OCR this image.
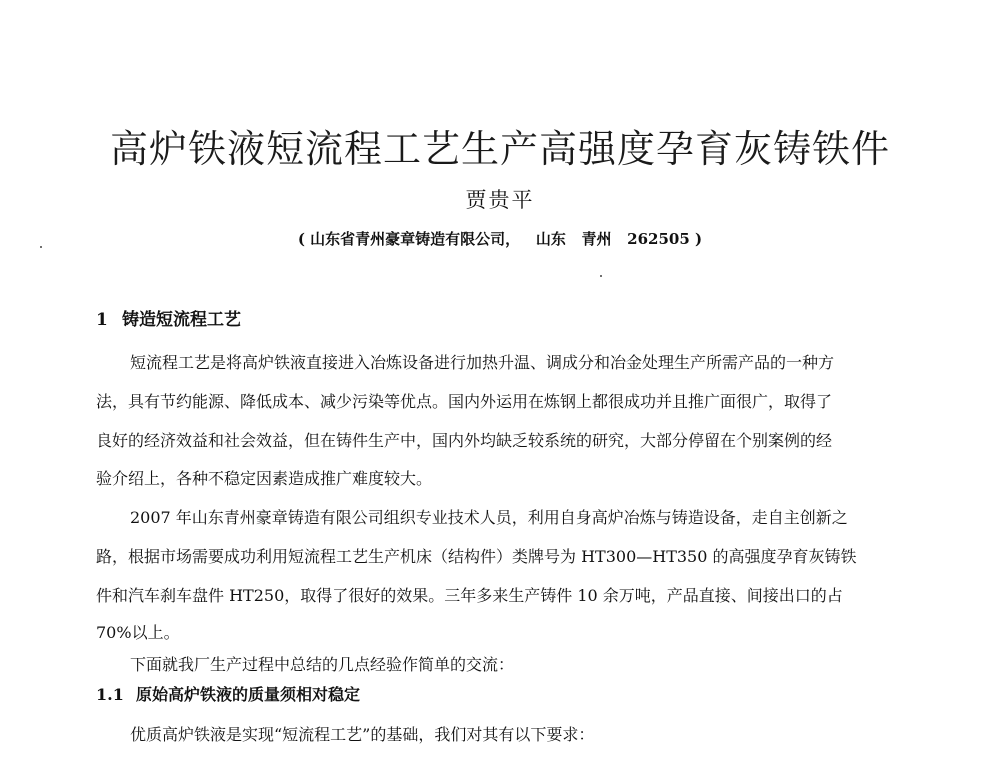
高炉铁液短流程工艺生产高强度孕育灰铸铁件

贾贵平

( 山东省青州豪章铸造有限公司，   山东   青州   262505 )

1 铸造短流程工艺

短流程工艺是将高炉铁液直接进入冶炼设备进行加热升温、调成分和冶金处理生产所需产品的一种方

法，具有节约能源、降低成本、减少污染等优点。国内外运用在炼钢上都很成功并且推广面很广，取得了

良好的经济效益和社会效益，但在铸件生产中，国内外均缺乏较系统的研究，大部分停留在个别案例的经

验介绍上，各种不稳定因素造成推广难度较大。

2007 年山东青州豪章铸造有限公司组织专业技术人员，利用自身高炉冶炼与铸造设备，走自主创新之

路，根据市场需要成功利用短流程工艺生产机床（结构件）类牌号为 HT300—HT350 的高强度孕育灰铸铁

件和汽车刹车盘件 HT250，取得了很好的效果。三年多来生产铸件 10 余万吨，产品直接、间接出口的占

70%以上。

下面就我厂生产过程中总结的几点经验作简单的交流：

1.1 原始高炉铁液的质量须相对稳定

优质高炉铁液是实现“短流程工艺”的基础，我们对其有以下要求：
